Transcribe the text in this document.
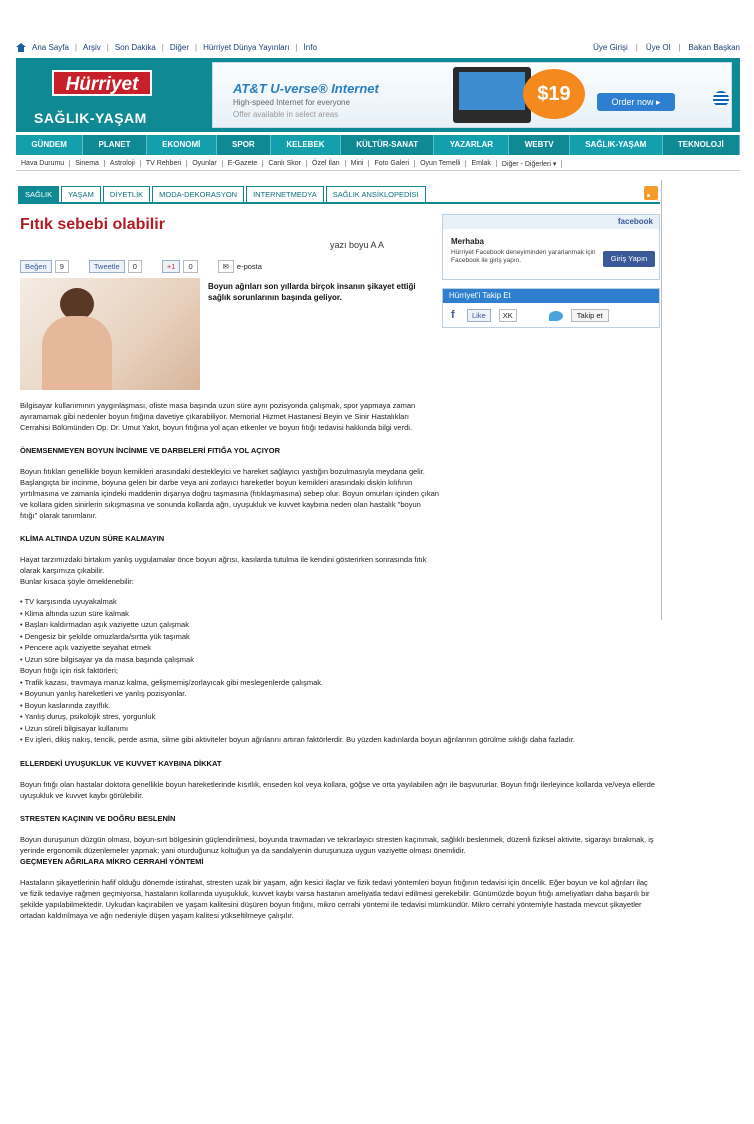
Ana Sayfa | Arşiv | Son Dakika | Diğer | Hürriyet Dünya Yayınları | İnfo	Üye Girişi | Üye Ol | Bakan Başkan
Hürriyet
SAĞLIK-YAŞAM
AT&T U-verse® Internet
High-speed Internet for everyone
Offer available in select areas
$19	Order now ▸
GÜNDEM	PLANET	EKONOMİ	SPOR	KELEBEK	KÜLTÜR-SANAT	YAZARLAR	WEBTV	SAĞLIK-YAŞAM	TEKNOLOJİ
Hava Durumu	Sinema	Astroloji	TV Rehberi	Oyunlar	E-Gazete	Canlı Skor	Özel İlan	Mini	Foto Galeri	Oyun Temelli	Emlak	Diğer - Diğerleri ▾
SAĞLIK	YAŞAM	DİYETLİK	MODA-DEKORASYON	İNTERNETMEDYA	SAĞLIK ANSİKLOPEDİSİ
Fıtık sebebi olabilir
yazı boyu A A
Beğen	9	Tweetle	0	+1	0	✉	e-posta
Boyun ağrıları son yıllarda birçok insanın şikayet ettiği sağlık sorunlarının başında geliyor.

Bilgisayar kullanımının yaygınlaşması, ofiste masa başında uzun süre aynı pozisyonda çalışmak, spor yapmaya zaman ayıramamak gibi nedenler boyun fıtığına davetiye çıkarabiliyor. Memorial Hizmet Hastanesi Beyin ve Sinir Hastalıkları Cerrahisi Bölümünden Op. Dr. Umut Yakıt, boyun fıtığına yol açan etkenler ve boyun fıtığı tedavisi hakkında bilgi verdi.

ÖNEMSENMEYEN BOYUN İNCİNME VE DARBELERİ FITIĞA YOL AÇIYOR

Boyun fıtıkları genellikle boyun kemikleri arasındaki destekleyici ve hareket sağlayıcı yastığın bozulmasıyla meydana gelir. Başlangıçta bir incinme, boyuna gelen bir darbe veya ani zorlayıcı hareketler boyun kemikleri arasındaki diskin kılıfının yırtılmasına ve zamanla içindeki maddenin dışarıya doğru taşmasına (fıtıklaşmasına) sebep olur. Boyun omurları içinden çıkan ve kollara giden sinirlerin sıkışmasına ve sonunda kollarda ağrı, uyuşukluk ve kuvvet kaybına neden olan hastalık "boyun fıtığı" olarak tanımlanır.

KLİMA ALTINDA UZUN SÜRE KALMAYIN

Hayat tarzımızdaki birtakım yanlış uygulamalar önce boyun ağrısı, kasılarda tutulma ile kendini gösterirken sonrasında fıtık olarak karşımıza çıkabilir.

Bunlar kısaca şöyle örneklenebilir:

• TV karşısında uyuyakalmak
• Klima altında uzun süre kalmak
• Başları kaldırmadan aşık vaziyette uzun çalışmak
• Dengesiz bir şekilde omuzlarda/sırtta yük taşımak
• Pencere açık vaziyette seyahat etmek
• Uzun süre bilgisayar ya da masa başında çalışmak
Boyun fıtığı için risk faktörleri;
• Trafik kazası, travmaya maruz kalma, gelişmemiş/zorlayıcak gibi meslegenlerde çalışmak.
• Boyunun yanlış hareketleri ve yanlış pozisyonlar.
• Boyun kaslarında zayıflık.
• Yanlış duruş, psikolojik stres, yorgunluk
• Uzun süreli bilgisayar kullanımı
• Ev işleri, dikiş nakış, tencik, perde asma, silme gibi aktiviteler boyun ağrılarını artıran faktörlerdir. Bu yüzden kadınlarda boyun ağrılarının görülme sıklığı daha fazladır.
ELLERDEKİ UYUŞUKLUK VE KUVVET KAYBINA DİKKAT

Boyun fıtığı olan hastalar doktora genellikle boyun hareketlerinde kısıtlık, enseden kol veya kollara, göğse ve orta yayılabilen ağrı ile başvururlar. Boyun fıtığı ilerleyince kollarda ve/veya ellerde uyuşukluk ve kuvvet kaybı görülebilir.

STRESTEN KAÇININ VE DOĞRU BESLENİN

Boyun duruşunun düzgün olması, boyun-sırt bölgesinin güçlendirilmesi, boyunda travmadan ve tekrarlayıcı stresten kaçınmak, sağlıklı beslenmek, düzenli fiziksel aktivite, sigarayı bırakmak, iş yerinde ergonomik düzenlemeler yapmak; yani oturduğunuz koltuğun ya da sandalyenin duruşunuza uygun vaziyette olması önemlidir.

GEÇMEYEN AĞRILARA MİKRO CERRAHİ YÖNTEMİ

Hastaların şikayetlerinin hafif olduğu dönemde istirahat, stresten uzak bir yaşam, ağrı kesici ilaçlar ve fizik tedavi yöntemleri boyun fıtığının tedavisi için öncelik. Eğer boyun ve kol ağrıları ilaç ve fizik tedaviye rağmen geçmiyorsa, hastaların kollarında uyuşukluk, kuvvet kaybı varsa hastanın ameliyatla tedavi edilmesi gerekebilir. Günümüzde boyun fıtığı ameliyatları daha başarılı bir şekilde yapılabilmektedir. Uykudan kaçırabilen ve yaşam kalitesini düşüren boyun fıtığını, mikro cerrahi yöntemi ile tedavisi mümkündür. Mikro cerrahi yöntemiyle hastada mevcut şikayetler ortadan kaldırılmaya ve ağrı nedeniyle düşen yaşam kalitesi yükseltilmeye çalışılır.

facebook
Merhaba
Hürriyet Facebook deneyiminden yararlanmak için Facebook ile giriş yapın.	Giriş Yapın
Hürriyet'i Takip Et
f	Like	XK	Takip et
